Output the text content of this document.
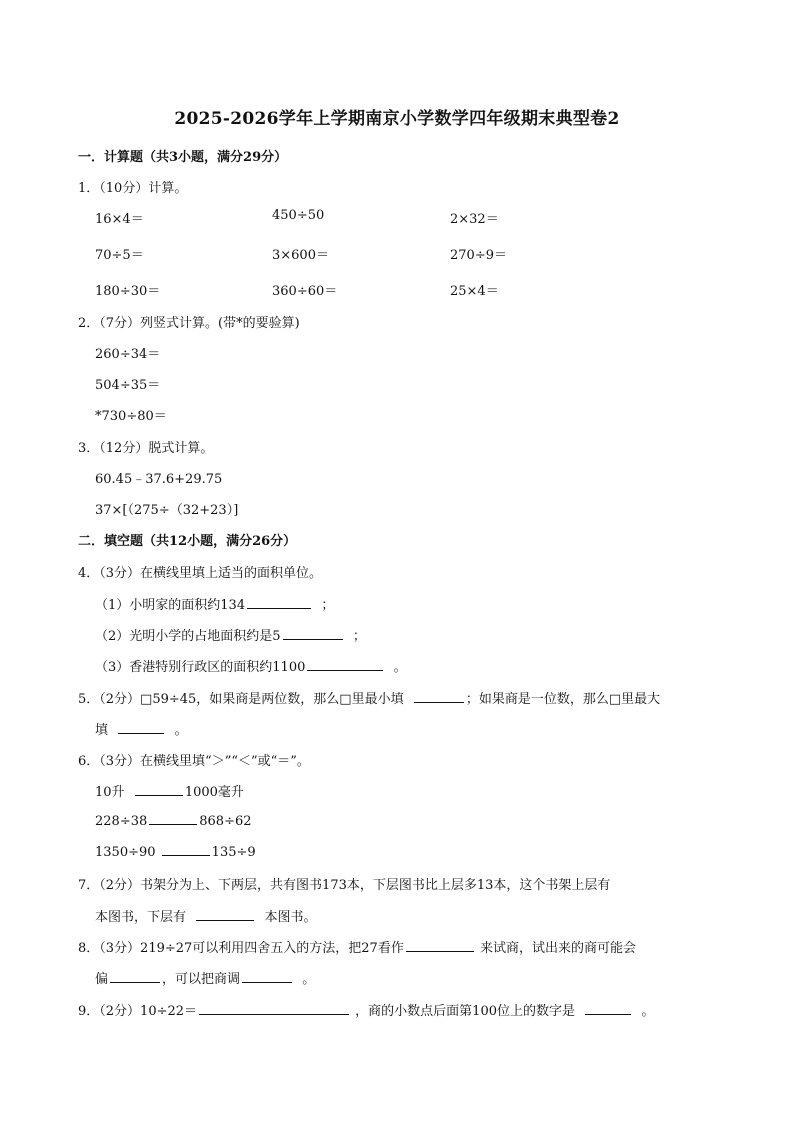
2025-2026学年上学期南京小学数学四年级期末典型卷2
一．计算题（共3小题，满分29分）
1．（10分）计算。
16×4＝	450÷50	2×32＝
70÷5＝	3×600＝	270÷9＝
180÷30＝	360÷60＝	25×4＝
2．（7分）列竖式计算。(带*的要验算)
260÷34＝
504÷35＝
*730÷80＝
3．（12分）脱式计算。
60.45﹣37.6+29.75
37×[（275÷（32+23）]
二．填空题（共12小题，满分26分）
4．（3分）在横线里填上适当的面积单位。
（1）小明家的面积约134	；
（2）光明小学的占地面积约是5	；
（3）香港特别行政区的面积约1100	。
5．（2分）□59÷45，如果商是两位数，那么□里最小填	；如果商是一位数，那么□里最大
填	。
6．（3分）在横线里填“＞”“＜”或“＝”。
10升	1000毫升
228÷38	868÷62
1350÷90	135÷9
7．（2分）书架分为上、下两层，共有图书173本，下层图书比上层多13本，这个书架上层有
本图书，下层有	本图书。
8．（3分）219÷27可以利用四舍五入的方法，把27看作	来试商，试出来的商可能会
偏	，可以把商调	。
9．（2分）10÷22＝	，商的小数点后面第100位上的数字是	。
